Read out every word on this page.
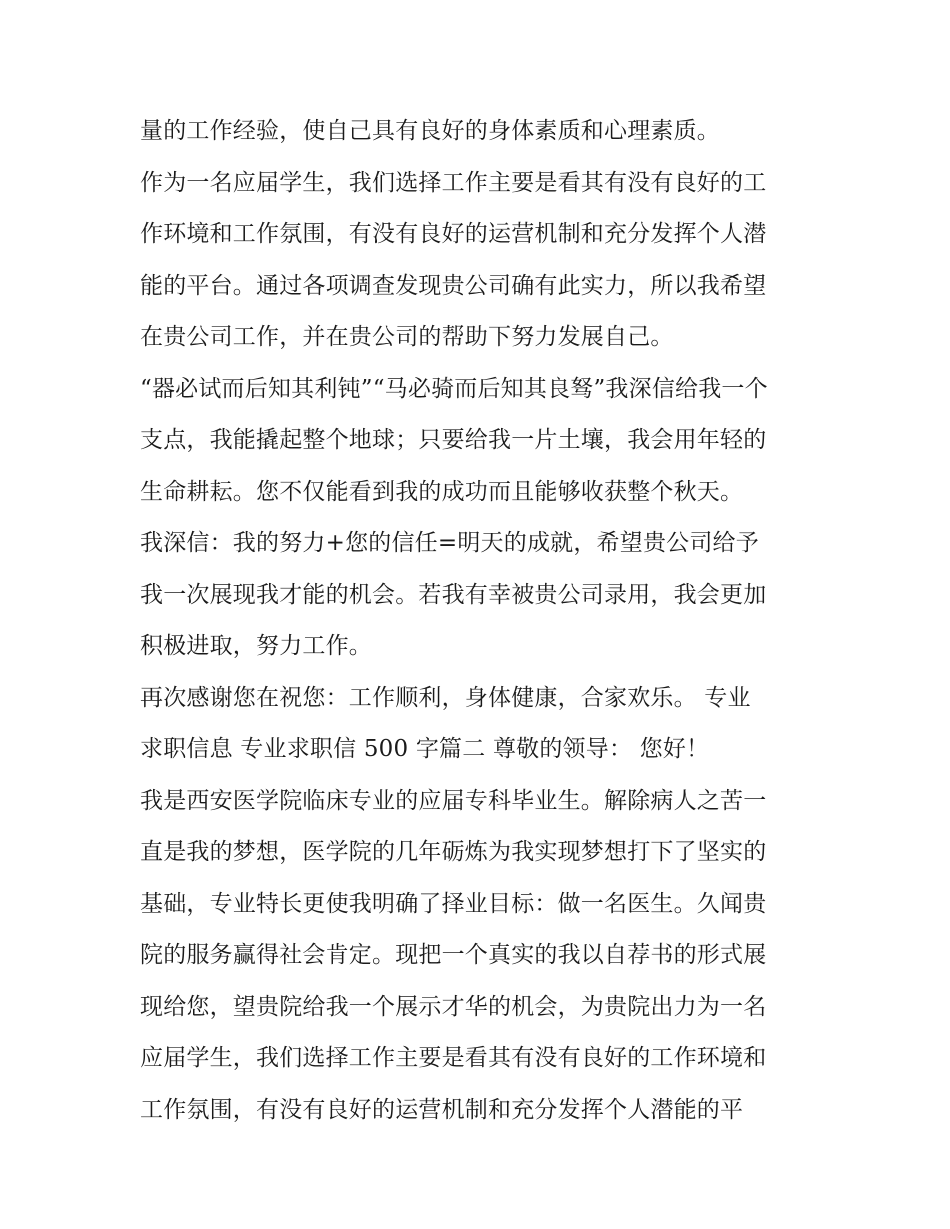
量的工作经验，使自己具有良好的身体素质和心理素质。
作为一名应届学生，我们选择工作主要是看其有没有良好的工
作环境和工作氛围，有没有良好的运营机制和充分发挥个人潜
能的平台。通过各项调查发现贵公司确有此实力，所以我希望
在贵公司工作，并在贵公司的帮助下努力发展自己。
“器必试而后知其利钝”“马必骑而后知其良驽”我深信给我一个
支点，我能撬起整个地球；只要给我一片土壤，我会用年轻的
生命耕耘。您不仅能看到我的成功而且能够收获整个秋天。
我深信：我的努力+您的信任=明天的成就，希望贵公司给予
我一次展现我才能的机会。若我有幸被贵公司录用，我会更加
积极进取，努力工作。
再次感谢您在祝您：工作顺利，身体健康，合家欢乐。 专业
求职信息 专业求职信 500 字篇二 尊敬的领导： 您好！
我是西安医学院临床专业的应届专科毕业生。解除病人之苦一
直是我的梦想，医学院的几年砺炼为我实现梦想打下了坚实的
基础，专业特长更使我明确了择业目标：做一名医生。久闻贵
院的服务赢得社会肯定。现把一个真实的我以自荐书的形式展
现给您，望贵院给我一个展示才华的机会，为贵院出力为一名
应届学生，我们选择工作主要是看其有没有良好的工作环境和
工作氛围，有没有良好的运营机制和充分发挥个人潜能的平
